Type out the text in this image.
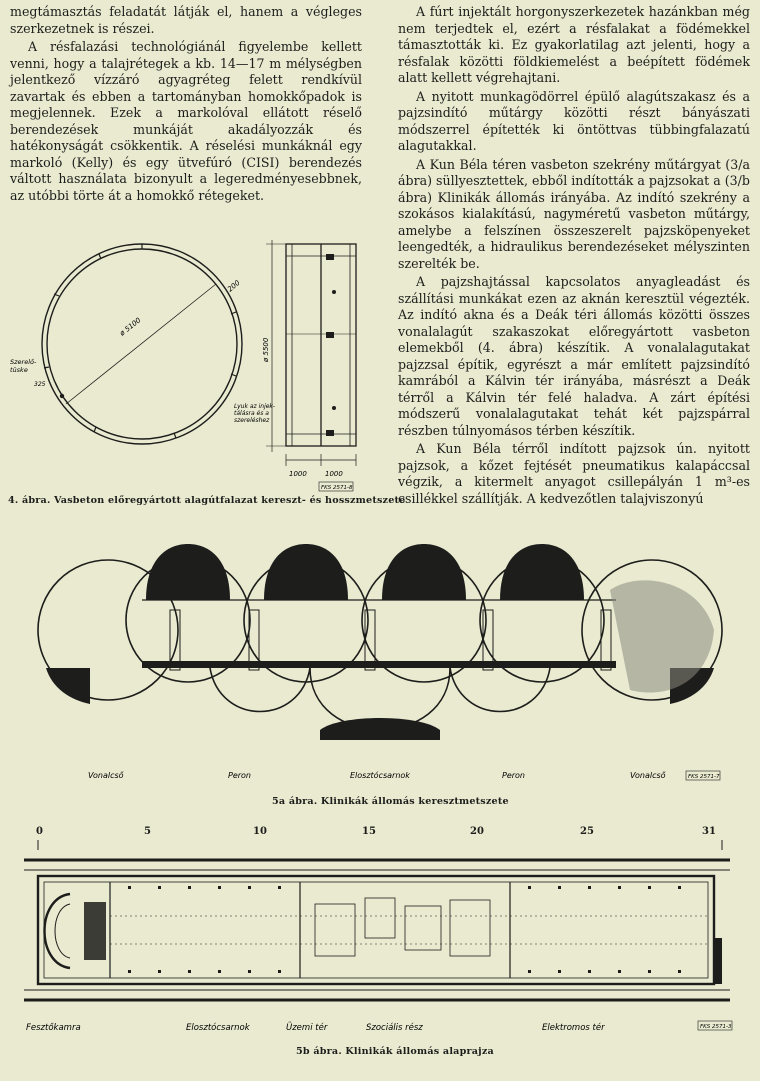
megtámasztás feladatát látják el, hanem a végleges szerkezetnek is részei.

A résfalazási technológiánál figyelembe kellett venni, hogy a talajrétegek a kb. 14—17 m mélységben jelentkező vízzáró agyagréteg felett rendkívül zavartak és ebben a tartományban homokkőpadok is megjelennek. Ezek a markolóval ellátott réselő berendezések munkáját akadályozzák és hatékonyságát csökkentik. A réselési munkáknál egy markoló (Kelly) és egy ütvefúró (CISI) berendezés váltott használata bizonyult a legeredményesebbnek, az utóbbi törte át a homokkő rétegeket.

A fúrt injektált horgonyszerkezetek hazánkban még nem terjedtek el, ezért a résfalakat a födémekkel támasztották ki. Ez gyakorlatilag azt jelenti, hogy a résfalak közötti földkiemelést a beépített födémek alatt kellett végrehajtani.

A nyitott munkagödörrel épülő alagútszakasz és a pajzsindító műtárgy közötti részt bányászati módszerrel építették ki öntöttvas tübbingfalazatú alagutakkal.

A Kun Béla téren vasbeton szekrény műtárgyat (3/a ábra) süllyesztettek, ebből indították a pajzsokat a (3/b ábra) Klinikák állomás irányába. Az indító szekrény a szokásos kialakítású, nagyméretű vasbeton műtárgy, amelybe a felszínen összeszerelt pajzsköpenyeket leengedték, a hidraulikus berendezéseket mélyszinten szerelték be.

A pajzshajtással kapcsolatos anyagleadást és szállítási munkákat ezen az aknán keresztül végezték. Az indító akna és a Deák téri állomás közötti összes vonalalagút szakaszokat előregyártott vasbeton elemekből (4. ábra) készítik. A vonalalagutakat pajzzsal építik, egyrészt a már említett pajzsindító kamrából a Kálvin tér irányába, másrészt a Deák térről a Kálvin tér felé haladva. A zárt építési módszerű vonalalagutakat tehát két pajzspárral részben túlnyomásos térben készítik.

A Kun Béla térről indított pajzsok ún. nyitott pajzsok, a kőzet fejtését pneumatikus kalapáccsal végzik, a kitermelt anyagot csillepályán 1 m³-es csillékkel szállítják. A kedvezőtlen talajviszonyú

ø 5100
200
ø 5500
Szerelő-tüske
325
Lyuk az injek-tálásra és a szereléshez
1000	1000
FKS 2571-8
4. ábra. Vasbeton előregyártott alagútfalazat kereszt- és hosszmetszete
Vonalcső	Peron	Elosztócsarnok	Peron	Vonalcső	FKS 2571-7
5a ábra. Klinikák állomás keresztmetszete
0	5	10	15	20	25	31
Fesztőkamra	Elosztócsarnok	Üzemi tér	Szociális rész	Elektromos tér	FKS 2571-3
5b ábra. Klinikák állomás alaprajza
